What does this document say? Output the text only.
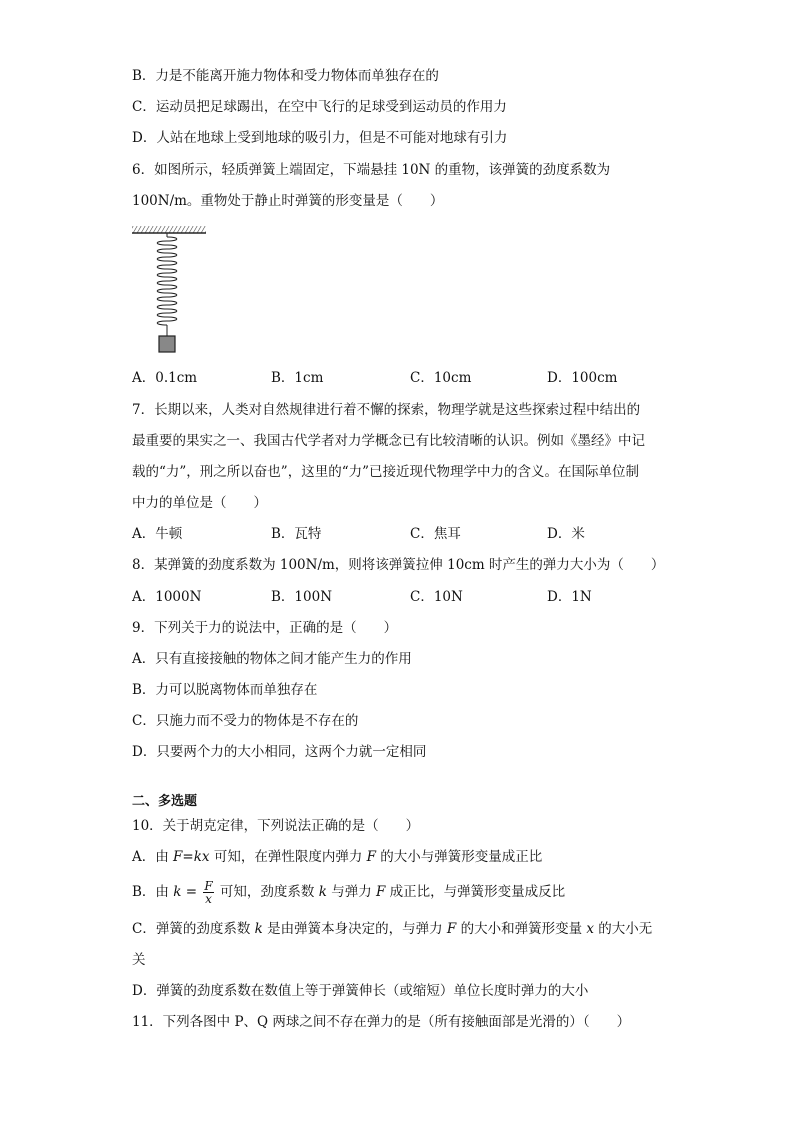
B．力是不能离开施力物体和受力物体而单独存在的
C．运动员把足球踢出，在空中飞行的足球受到运动员的作用力
D．人站在地球上受到地球的吸引力，但是不可能对地球有引力
6．如图所示，轻质弹簧上端固定，下端悬挂 10N 的重物，该弹簧的劲度系数为
100N/m。重物处于静止时弹簧的形变量是（　　）
A．0.1cm	B．1cm	C．10cm	D．100cm
7．长期以来，人类对自然规律进行着不懈的探索，物理学就是这些探索过程中结出的
最重要的果实之一、我国古代学者对力学概念已有比较清晰的认识。例如《墨经》中记
载的“力”，刑之所以奋也”，这里的“力”已接近现代物理学中力的含义。在国际单位制
中力的单位是（　　）
A．牛顿	B．瓦特	C．焦耳	D．米
8．某弹簧的劲度系数为 100N/m，则将该弹簧拉伸 10cm 时产生的弹力大小为（　　）
A．1000N	B．100N	C．10N	D．1N
9．下列关于力的说法中，正确的是（　　）
A．只有直接接触的物体之间才能产生力的作用
B．力可以脱离物体而单独存在
C．只施力而不受力的物体是不存在的
D．只要两个力的大小相同，这两个力就一定相同
二、多选题
10．关于胡克定律，下列说法正确的是（　　）
A．由 F=kx 可知，在弹性限度内弹力 F 的大小与弹簧形变量成正比
B．由 $k = \frac{F}{x}$ 可知，劲度系数 k 与弹力 F 成正比，与弹簧形变量成反比
C．弹簧的劲度系数 k 是由弹簧本身决定的，与弹力 F 的大小和弹簧形变量 x 的大小无
关
D．弹簧的劲度系数在数值上等于弹簧伸长（或缩短）单位长度时弹力的大小
11．下列各图中 P、Q 两球之间不存在弹力的是（所有接触面部是光滑的）（　　）
